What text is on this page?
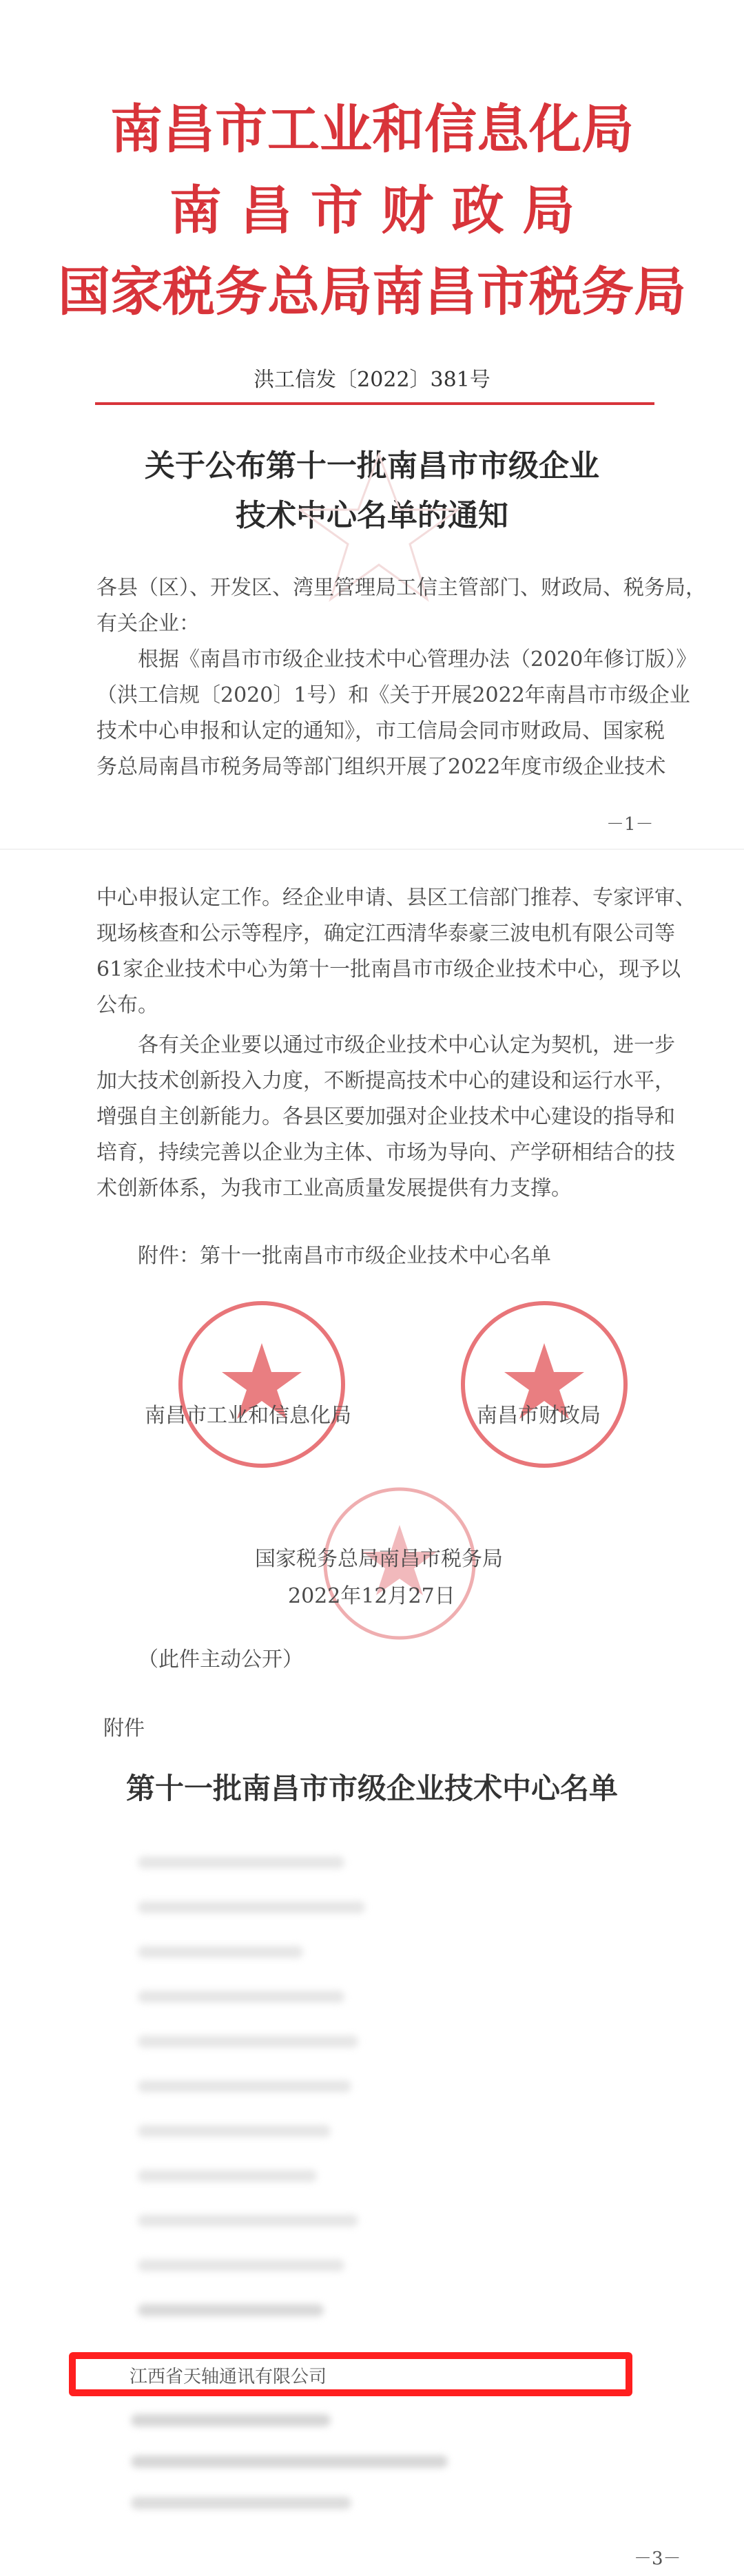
南昌市工业和信息化局
南 昌 市 财 政 局
国家税务总局南昌市税务局
洪工信发〔2022〕381号
关于公布第十一批南昌市市级企业
技术中心名单的通知
各县（区）、开发区、湾里管理局工信主管部门、财政局、税务局，
有关企业：
根据《南昌市市级企业技术中心管理办法（2020年修订版）》
（洪工信规〔2020〕1号）和《关于开展2022年南昌市市级企业
技术中心申报和认定的通知》，市工信局会同市财政局、国家税
务总局南昌市税务局等部门组织开展了2022年度市级企业技术
－1－
中心申报认定工作。经企业申请、县区工信部门推荐、专家评审、
现场核查和公示等程序，确定江西清华泰豪三波电机有限公司等
61家企业技术中心为第十一批南昌市市级企业技术中心，现予以
公布。
各有关企业要以通过市级企业技术中心认定为契机，进一步
加大技术创新投入力度，不断提高技术中心的建设和运行水平，
增强自主创新能力。各县区要加强对企业技术中心建设的指导和
培育，持续完善以企业为主体、市场为导向、产学研相结合的技
术创新体系，为我市工业高质量发展提供有力支撑。
附件：第十一批南昌市市级企业技术中心名单
南昌市工业和信息化局	南昌市财政局
国家税务总局南昌市税务局
2022年12月27日
（此件主动公开）
附件
第十一批南昌市市级企业技术中心名单
江西省天轴通讯有限公司
－3－
